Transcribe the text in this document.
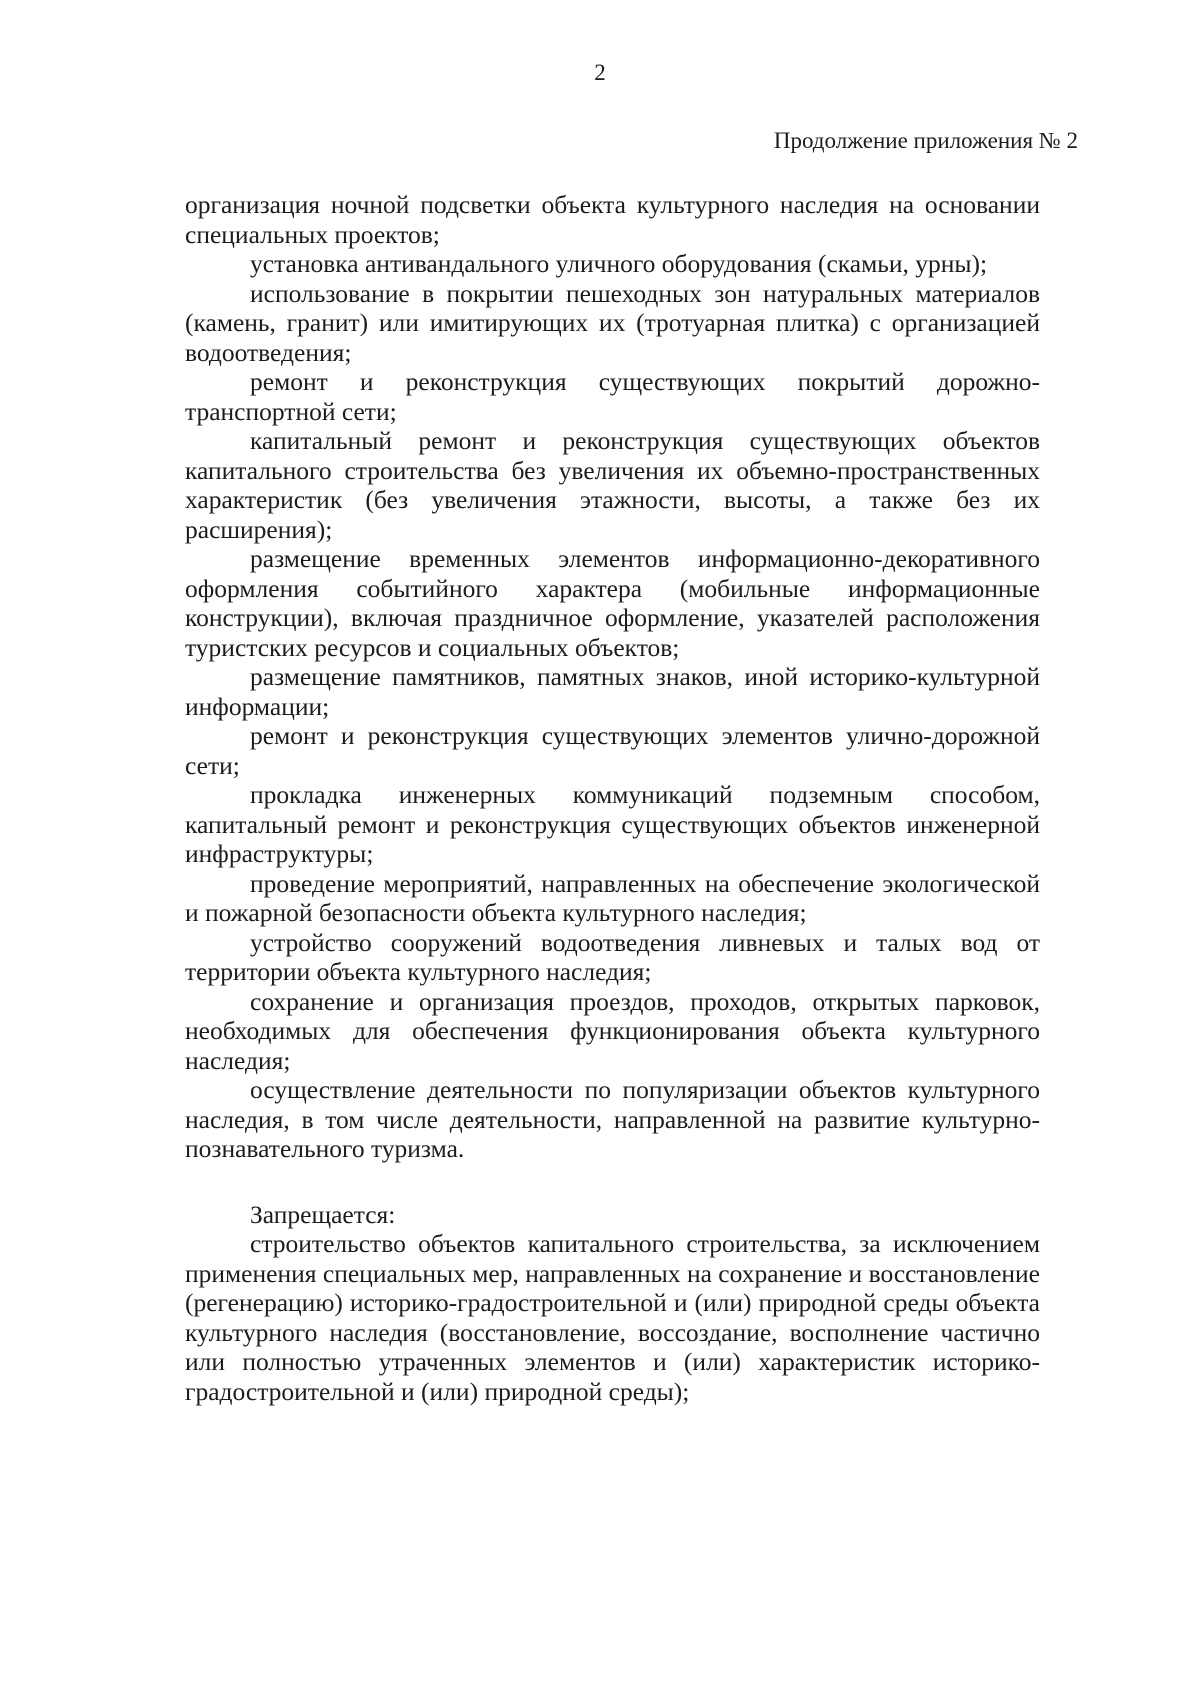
2
Продолжение приложения № 2

организация ночной подсветки объекта культурного наследия на основании специальных проектов;

установка антивандального уличного оборудования (скамьи, урны);

использование в покрытии пешеходных зон натуральных материалов (камень, гранит) или имитирующих их (тротуарная плитка) с организацией водоотведения;

ремонт и реконструкция существующих покрытий дорожно-транспортной сети;

капитальный ремонт и реконструкция существующих объектов капитального строительства без увеличения их объемно-пространственных характеристик (без увеличения этажности, высоты, а также без их расширения);

размещение временных элементов информационно-декоративного оформления событийного характера (мобильные информационные конструкции), включая праздничное оформление, указателей расположения туристских ресурсов и социальных объектов;

размещение памятников, памятных знаков, иной историко-культурной информации;

ремонт и реконструкция существующих элементов улично-дорожной сети;

прокладка инженерных коммуникаций подземным способом, капитальный ремонт и реконструкция существующих объектов инженерной инфраструктуры;

проведение мероприятий, направленных на обеспечение экологической и пожарной безопасности объекта культурного наследия;

устройство сооружений водоотведения ливневых и талых вод от территории объекта культурного наследия;

сохранение и организация проездов, проходов, открытых парковок, необходимых для обеспечения функционирования объекта культурного наследия;

осуществление деятельности по популяризации объектов культурного наследия, в том числе деятельности, направленной на развитие культурно-познавательного туризма.

Запрещается:

строительство объектов капитального строительства, за исключением применения специальных мер, направленных на сохранение и восстановление (регенерацию) историко-градостроительной и (или) природной среды объекта культурного наследия (восстановление, воссоздание, восполнение частично или полностью утраченных элементов и (или) характеристик историко-градостроительной и (или) природной среды);
